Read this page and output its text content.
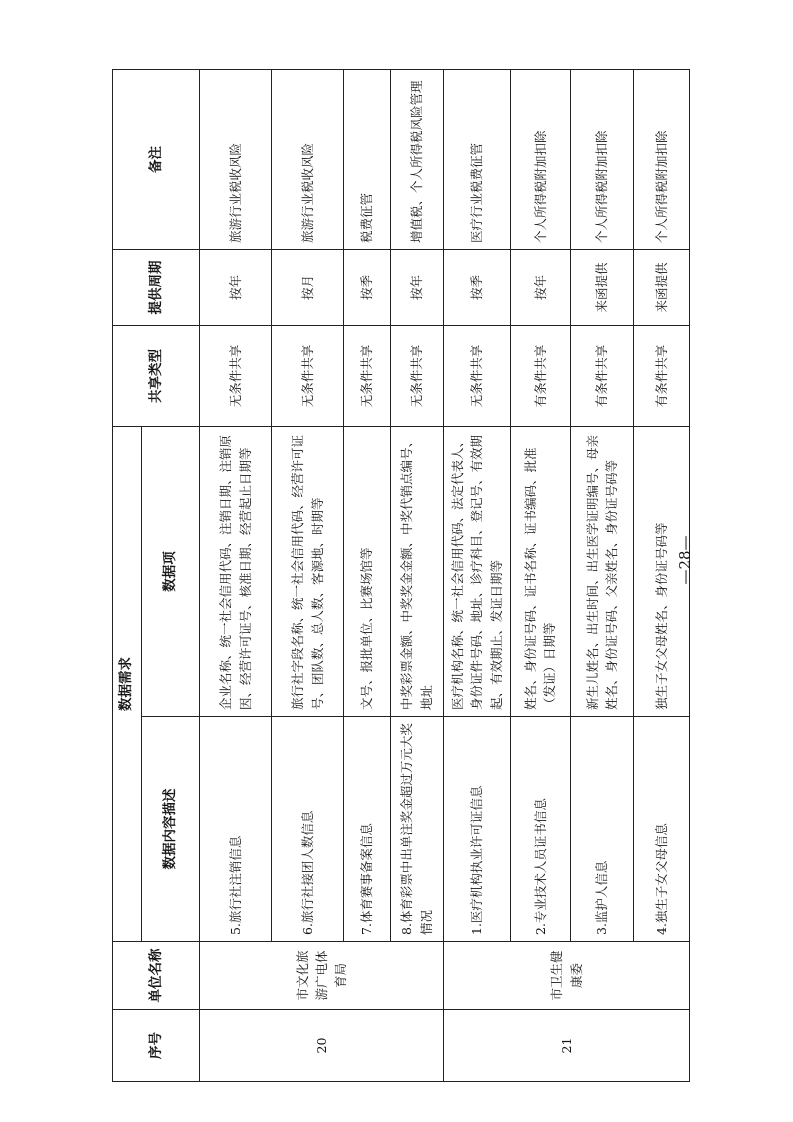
序号	单位名称	数据需求		共享类型	提供周期	备注
		数据内容描述	数据项			
20	市文化旅游广电体育局	5.旅行社注销信息	企业名称、统一社会信用代码、注销日期、注销原因、经营许可证号、核准日期、经营起止日期等	无条件共享	按年	旅游行业税收风险
		6.旅行社接团人数信息	旅行社字段名称、统一社会信用代码、经营许可证号、团队数、总人数、客源地、时期等	无条件共享	按月	旅游行业税收风险
		7.体育赛事备案信息	文号、报批单位、比赛场馆等	无条件共享	按季	税费征管
		8.体育彩票中出单注奖金超过万元大奖情况	中奖彩票金额、中奖奖金金额、中奖代销点编号、地址	无条件共享	按年	增值税、个人所得税风险管理
21	市卫生健康委	1.医疗机构执业许可证信息	医疗机构名称、统一社会信用代码、法定代表人、身份证件号码、地址、诊疗科目、登记号、有效期起、有效期止、发证日期等	无条件共享	按季	医疗行业税费征管
		2.专业技术人员证书信息	姓名、身份证号码、证书名称、证书编码、批准（发证）日期等	有条件共享	按年	个人所得税附加扣除
		3.监护人信息	新生儿姓名、出生时间、出生医学证明编号、母亲姓名、身份证号码、父亲姓名、身份证号码等	有条件共享	来函提供	个人所得税附加扣除
		4.独生子女父母信息	独生子女父母姓名、身份证号码等	有条件共享	来函提供	个人所得税附加扣除
—28—
